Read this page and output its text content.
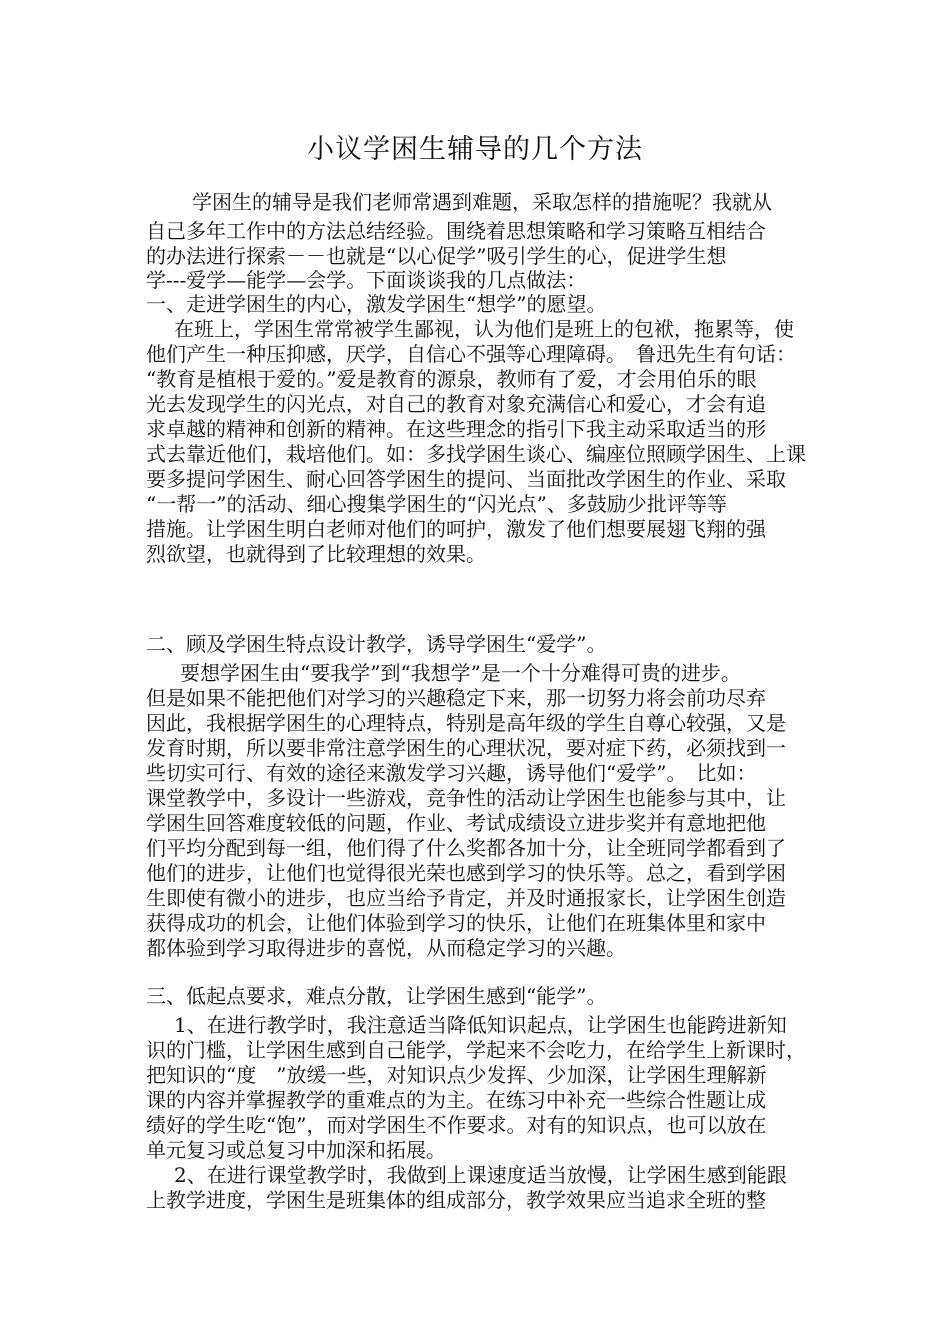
小议学困生辅导的几个方法
学困生的辅导是我们老师常遇到难题，采取怎样的措施呢？我就从
自己多年工作中的方法总结经验。围绕着思想策略和学习策略互相结合
的办法进行探索－－也就是“以心促学”吸引学生的心，促进学生想
学---爱学—能学—会学。下面谈谈我的几点做法：
一、走进学困生的内心，激发学困生“想学”的愿望。
在班上，学困生常常被学生鄙视，认为他们是班上的包袱，拖累等，使
他们产生一种压抑感，厌学，自信心不强等心理障碍。　鲁迅先生有句话：
“教育是植根于爱的。”爱是教育的源泉，教师有了爱，才会用伯乐的眼
光去发现学生的闪光点，对自己的教育对象充满信心和爱心，才会有追
求卓越的精神和创新的精神。在这些理念的指引下我主动采取适当的形
式去靠近他们，栽培他们。如：多找学困生谈心、编座位照顾学困生、上课
要多提问学困生、耐心回答学困生的提问、当面批改学困生的作业、采取
“一帮一”的活动、细心搜集学困生的“闪光点”、多鼓励少批评等等
措施。让学困生明白老师对他们的呵护，激发了他们想要展翅飞翔的强
烈欲望，也就得到了比较理想的效果。
二、顾及学困生特点设计教学，诱导学困生“爱学”。
要想学困生由“要我学”到“我想学”是一个十分难得可贵的进步。
但是如果不能把他们对学习的兴趣稳定下来，那一切努力将会前功尽弃
因此，我根据学困生的心理特点，特别是高年级的学生自尊心较强，又是
发育时期，所以要非常注意学困生的心理状况，要对症下药，必须找到一
些切实可行、有效的途径来激发学习兴趣，诱导他们“爱学”。　比如：
课堂教学中，多设计一些游戏，竞争性的活动让学困生也能参与其中，让
学困生回答难度较低的问题，作业、考试成绩设立进步奖并有意地把他
们平均分配到每一组，他们得了什么奖都各加十分，让全班同学都看到了
他们的进步，让他们也觉得很光荣也感到学习的快乐等。总之，看到学困
生即使有微小的进步，也应当给予肯定，并及时通报家长，让学困生创造
获得成功的机会，让他们体验到学习的快乐，让他们在班集体里和家中
都体验到学习取得进步的喜悦，从而稳定学习的兴趣。
三、低起点要求，难点分散，让学困生感到“能学”。
1、在进行教学时，我注意适当降低知识起点，让学困生也能跨进新知
识的门槛，让学困生感到自己能学，学起来不会吃力，在给学生上新课时，
把知识的“度　”放缓一些，对知识点少发挥、少加深，让学困生理解新
课的内容并掌握教学的重难点的为主。在练习中补充一些综合性题让成
绩好的学生吃“饱”，而对学困生不作要求。对有的知识点，也可以放在
单元复习或总复习中加深和拓展。
2、在进行课堂教学时，我做到上课速度适当放慢，让学困生感到能跟
上教学进度，学困生是班集体的组成部分，教学效果应当追求全班的整
